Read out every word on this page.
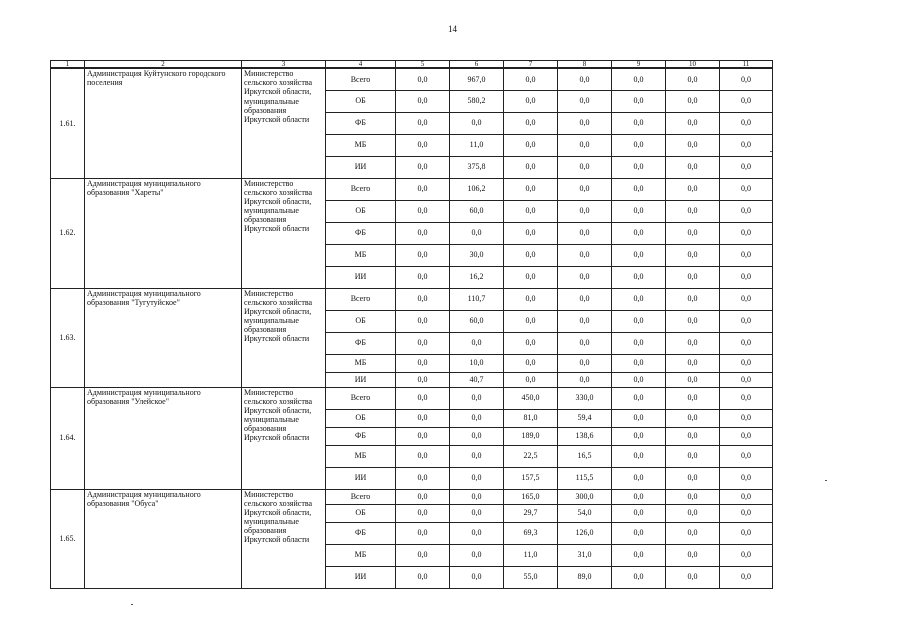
14
1	2	3	4	5	6	7	8	9	10	11
1.61.	Администрация Куйтунского городского поселения	Министерство сельского хозяйства Иркутской области, муниципальные образования Иркутской области	Всего	0,0	967,0	0,0	0,0	0,0	0,0	0,0
			ОБ	0,0	580,2	0,0	0,0	0,0	0,0	0,0
			ФБ	0,0	0,0	0,0	0,0	0,0	0,0	0,0
			МБ	0,0	11,0	0,0	0,0	0,0	0,0	0,0
			ИИ	0,0	375,8	0,0	0,0	0,0	0,0	0,0
1.62.	Администрация муниципального образования "Хареты"	Министерство сельского хозяйства Иркутской области, муниципальные образования Иркутской области	Всего	0,0	106,2	0,0	0,0	0,0	0,0	0,0
			ОБ	0,0	60,0	0,0	0,0	0,0	0,0	0,0
			ФБ	0,0	0,0	0,0	0,0	0,0	0,0	0,0
			МБ	0,0	30,0	0,0	0,0	0,0	0,0	0,0
			ИИ	0,0	16,2	0,0	0,0	0,0	0,0	0,0
1.63.	Администрация муниципального образования "Тугутуйское"	Министерство сельского хозяйства Иркутской области, муниципальные образования Иркутской области	Всего	0,0	110,7	0,0	0,0	0,0	0,0	0,0
			ОБ	0,0	60,0	0,0	0,0	0,0	0,0	0,0
			ФБ	0,0	0,0	0,0	0,0	0,0	0,0	0,0
			МБ	0,0	10,0	0,0	0,0	0,0	0,0	0,0
			ИИ	0,0	40,7	0,0	0,0	0,0	0,0	0,0
1.64.	Администрация муниципального образования "Улейское"	Министерство сельского хозяйства Иркутской области, муниципальные образования Иркутской области	Всего	0,0	0,0	450,0	330,0	0,0	0,0	0,0
			ОБ	0,0	0,0	81,0	59,4	0,0	0,0	0,0
			ФБ	0,0	0,0	189,0	138,6	0,0	0,0	0,0
			МБ	0,0	0,0	22,5	16,5	0,0	0,0	0,0
			ИИ	0,0	0,0	157,5	115,5	0,0	0,0	0,0
1.65.	Администрация муниципального образования "Обуса"	Министерство сельского хозяйства Иркутской области, муниципальные образования Иркутской области	Всего	0,0	0,0	165,0	300,0	0,0	0,0	0,0
			ОБ	0,0	0,0	29,7	54,0	0,0	0,0	0,0
			ФБ	0,0	0,0	69,3	126,0	0,0	0,0	0,0
			МБ	0,0	0,0	11,0	31,0	0,0	0,0	0,0
			ИИ	0,0	0,0	55,0	89,0	0,0	0,0	0,0
